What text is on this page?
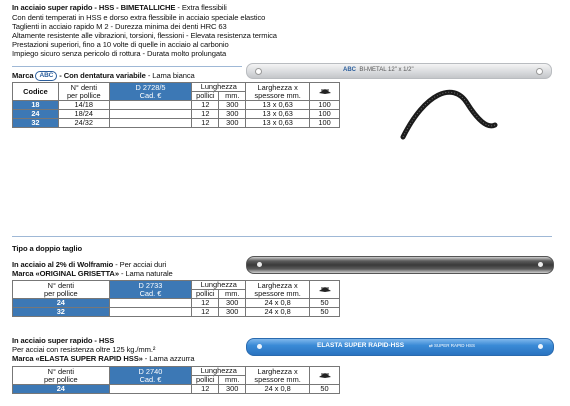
In acciaio super rapido - HSS - BIMETALLICHE - Extra flessibili
Con denti temperati in HSS e dorso extra flessibile in acciaio speciale elastico
Taglienti in acciaio rapido M 2 - Durezza minima dei denti HRC 63
Altamente resistente alle vibrazioni, torsioni, flessioni - Elevata resistenza termica
Prestazioni superiori, fino a 10 volte di quelle in acciaio al carbonio
Impiego sicuro senza pericolo di rottura - Durata molto prolungata
Marca ABC - Con dentatura variabile - Lama bianca
ABC BI-METAL 12" x 1/2"
Codice	N° denti
per pollice	D 2728/5
Cad. €	Lunghezza		Larghezza x
spessore mm.	
			pollici	mm.		
18	14/18		12	300	13 x 0,63	100
24	18/24		12	300	13 x 0,63	100
32	24/32		12	300	13 x 0,63	100
Tipo a doppio taglio
In acciaio al 2% di Wolframio - Per acciai duri
Marca «ORIGINAL GRISETTA» - Lama naturale
N° denti
per pollice	D 2733
Cad. €	Lunghezza		Larghezza x
spessore mm.	
		pollici	mm.		
24		12	300	24 x 0,8	50
32		12	300	24 x 0,8	50
In acciaio super rapido - HSS
Per acciai con resistenza oltre 125 kg./mm.²
Marca «ELASTA SUPER RAPID HSS» - Lama azzurra
ELASTA SUPER RAPID-HSS	⇄ SUPER RAPID HSS
N° denti
per pollice	D 2740
Cad. €	Lunghezza		Larghezza x
spessore mm.	
		pollici	mm.		
24		12	300	24 x 0,8	50
